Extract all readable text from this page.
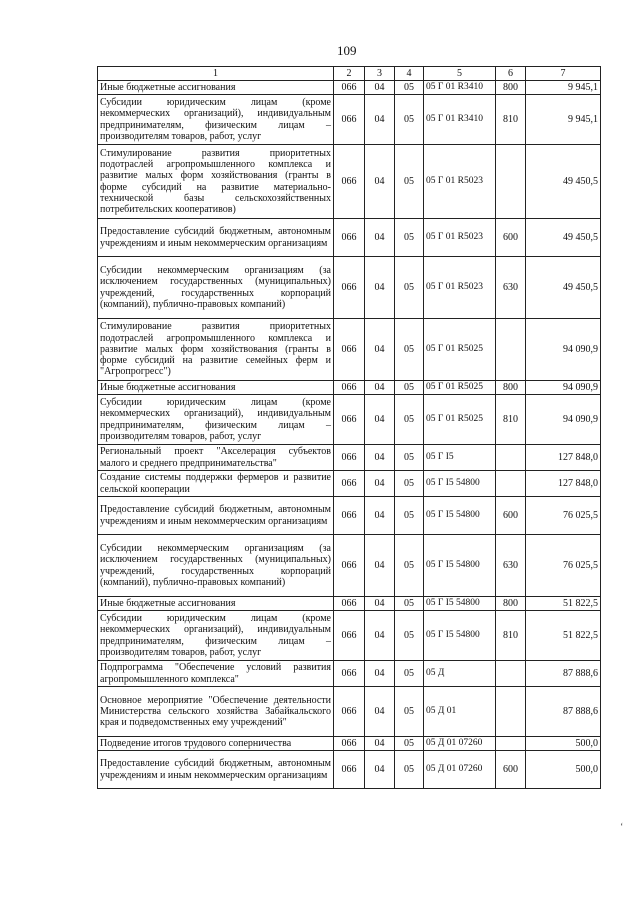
109
1	2	3	4	5	6	7
Иные бюджетные ассигнования	066	04	05	05 Г 01 R3410	800	9 945,1
Субсидии юридическим лицам (кроме некоммерческих организаций), индивидуальным предпринимателям, физическим лицам – производителям товаров, работ, услуг	066	04	05	05 Г 01 R3410	810	9 945,1
Стимулирование развития приоритетных подотраслей агропромышленного комплекса и развитие малых форм хозяйствования (гранты в форме субсидий на развитие материально-технической базы сельскохозяйственных потребительских кооперативов)	066	04	05	05 Г 01 R5023		49 450,5
Предоставление субсидий бюджетным, автономным учреждениям и иным некоммерческим организациям	066	04	05	05 Г 01 R5023	600	49 450,5
Субсидии некоммерческим организациям (за исключением государственных (муниципальных) учреждений, государственных корпораций (компаний), публично-правовых компаний)	066	04	05	05 Г 01 R5023	630	49 450,5
Стимулирование развития приоритетных подотраслей агропромышленного комплекса и развитие малых форм хозяйствования (гранты в форме субсидий на развитие семейных ферм и "Агропрогресс")	066	04	05	05 Г 01 R5025		94 090,9
Иные бюджетные ассигнования	066	04	05	05 Г 01 R5025	800	94 090,9
Субсидии юридическим лицам (кроме некоммерческих организаций), индивидуальным предпринимателям, физическим лицам – производителям товаров, работ, услуг	066	04	05	05 Г 01 R5025	810	94 090,9
Региональный проект "Акселерация субъектов малого и среднего предпринимательства"	066	04	05	05 Г I5		127 848,0
Создание системы поддержки фермеров и развитие сельской кооперации	066	04	05	05 Г I5 54800		127 848,0
Предоставление субсидий бюджетным, автономным учреждениям и иным некоммерческим организациям	066	04	05	05 Г I5 54800	600	76 025,5
Субсидии некоммерческим организациям (за исключением государственных (муниципальных) учреждений, государственных корпораций (компаний), публично-правовых компаний)	066	04	05	05 Г I5 54800	630	76 025,5
Иные бюджетные ассигнования	066	04	05	05 Г I5 54800	800	51 822,5
Субсидии юридическим лицам (кроме некоммерческих организаций), индивидуальным предпринимателям, физическим лицам – производителям товаров, работ, услуг	066	04	05	05 Г I5 54800	810	51 822,5
Подпрограмма "Обеспечение условий развития агропромышленного комплекса"	066	04	05	05 Д		87 888,6
Основное мероприятие "Обеспечение деятельности Министерства сельского хозяйства Забайкальского края и подведомственных ему учреждений"	066	04	05	05 Д 01		87 888,6
Подведение итогов трудового соперничества	066	04	05	05 Д 01 07260		500,0
Предоставление субсидий бюджетным, автономным учреждениям и иным некоммерческим организациям	066	04	05	05 Д 01 07260	600	500,0
‘
